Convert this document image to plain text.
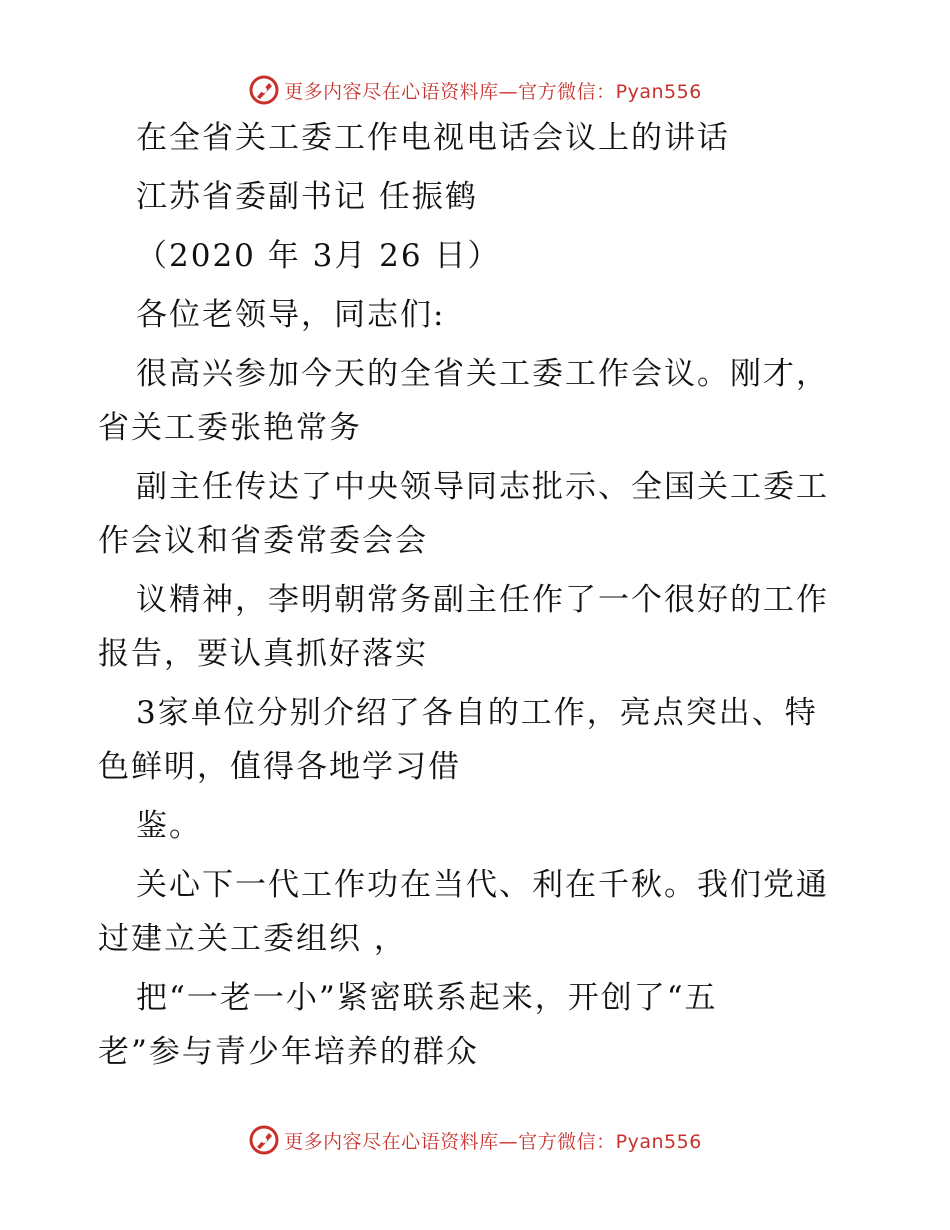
更多内容尽在心语资料库—官方微信：Pyan556
在全省关工委工作电视电话会议上的讲话
江苏省委副书记 任振鹤
（2020 年 3月 26 日）
各位老领导，同志们:
很高兴参加今天的全省关工委工作会议。刚才，
省关工委张艳常务
副主任传达了中央领导同志批示、全国关工委工
作会议和省委常委会会
议精神，李明朝常务副主任作了一个很好的工作
报告，要认真抓好落实
3家单位分别介绍了各自的工作，亮点突出、特
色鲜明，值得各地学习借
鉴。
关心下一代工作功在当代、利在千秋。我们党通
过建立关工委组织 ，
把“一老一小”紧密联系起来，开创了“五
老”参与青少年培养的群众
更多内容尽在心语资料库—官方微信：Pyan556
